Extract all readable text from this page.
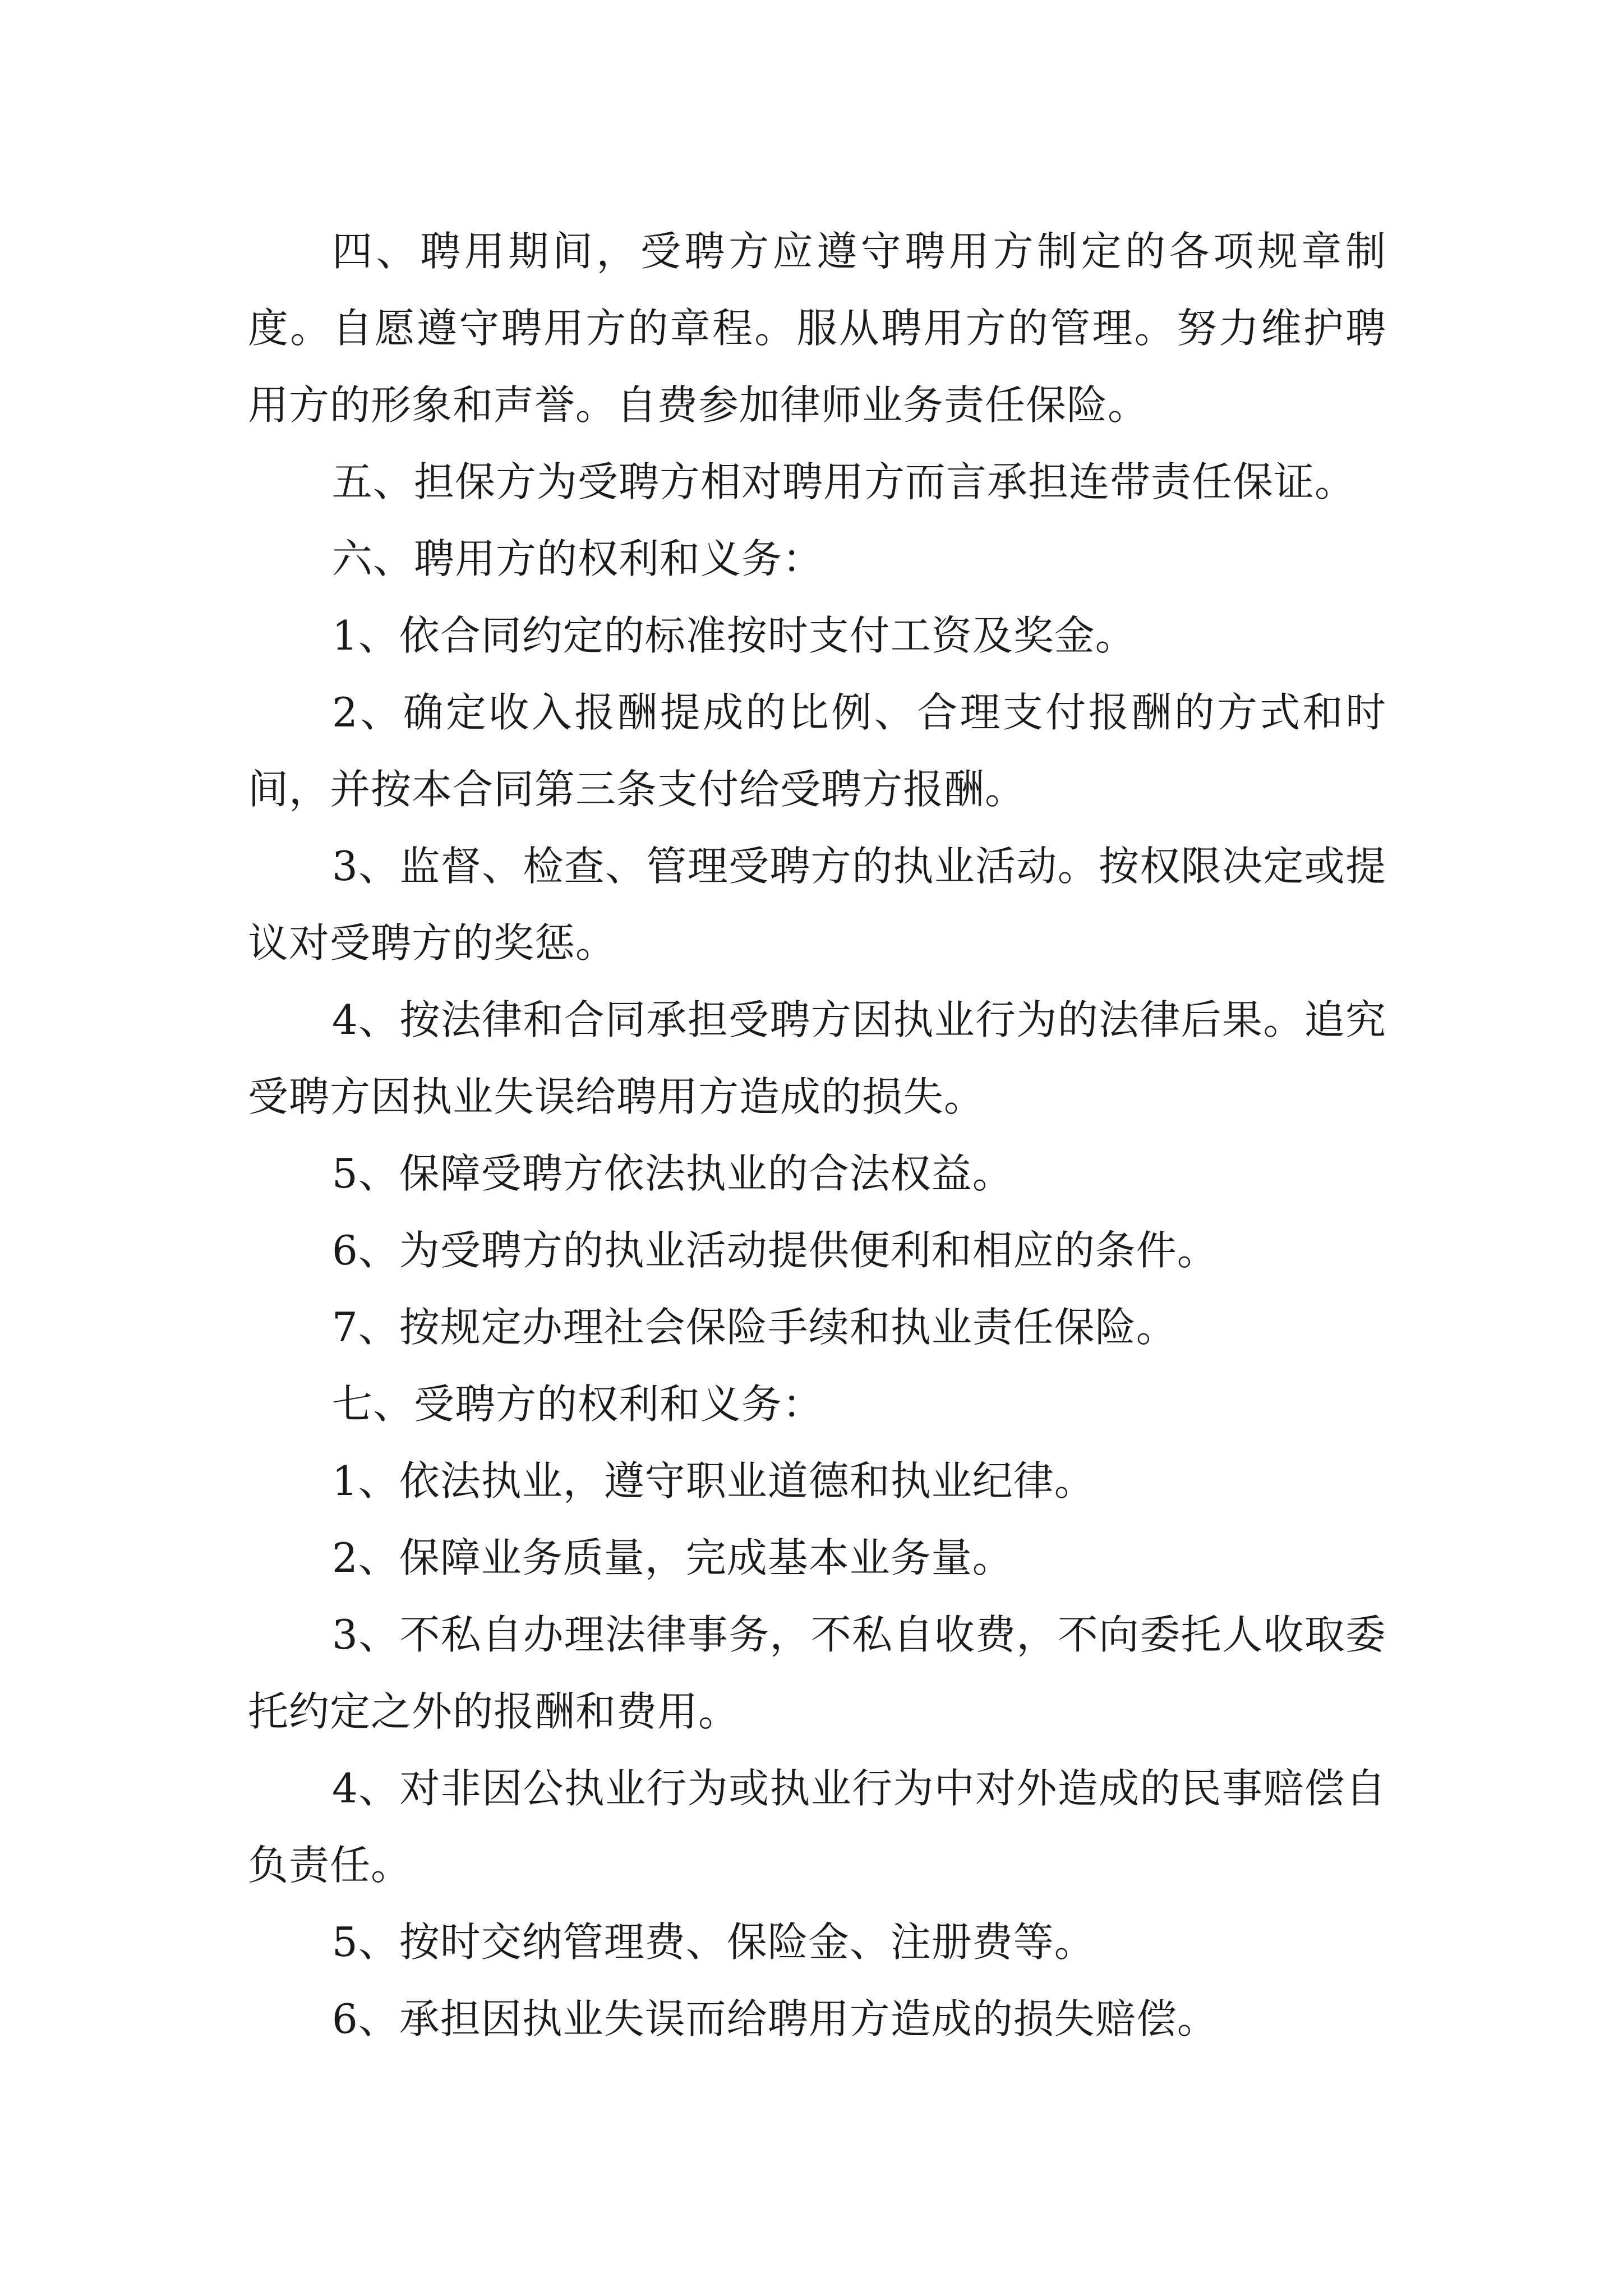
四、聘用期间，受聘方应遵守聘用方制定的各项规章制度。自愿遵守聘用方的章程。服从聘用方的管理。努力维护聘用方的形象和声誉。自费参加律师业务责任保险。

五、担保方为受聘方相对聘用方而言承担连带责任保证。

六、聘用方的权利和义务：

1、依合同约定的标准按时支付工资及奖金。

2、确定收入报酬提成的比例、合理支付报酬的方式和时间，并按本合同第三条支付给受聘方报酬。

3、监督、检查、管理受聘方的执业活动。按权限决定或提议对受聘方的奖惩。

4、按法律和合同承担受聘方因执业行为的法律后果。追究受聘方因执业失误给聘用方造成的损失。

5、保障受聘方依法执业的合法权益。

6、为受聘方的执业活动提供便利和相应的条件。

7、按规定办理社会保险手续和执业责任保险。

七、受聘方的权利和义务：

1、依法执业，遵守职业道德和执业纪律。

2、保障业务质量，完成基本业务量。

3、不私自办理法律事务，不私自收费，不向委托人收取委托约定之外的报酬和费用。

4、对非因公执业行为或执业行为中对外造成的民事赔偿自负责任。

5、按时交纳管理费、保险金、注册费等。

6、承担因执业失误而给聘用方造成的损失赔偿。
